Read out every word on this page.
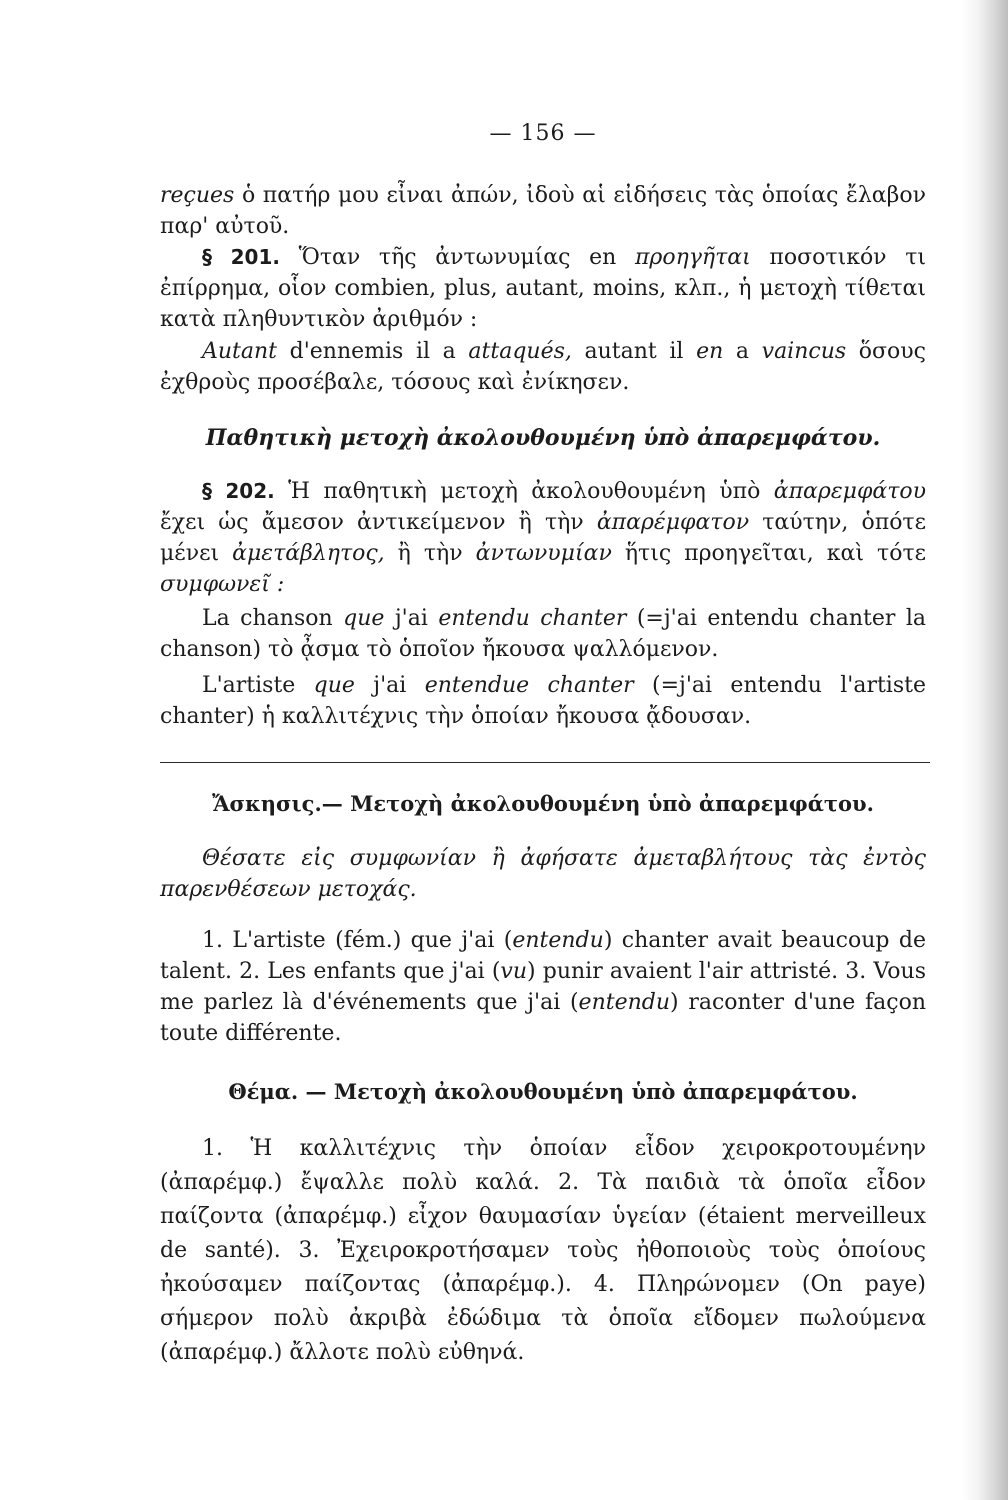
— 156 —

reçues ὁ πατήρ μου εἶναι ἀπών, ἰδοὺ αἱ εἰδήσεις τὰς ὁποίας ἔλαβον παρ' αὐτοῦ.

§ 201. Ὅταν τῆς ἀντωνυμίας en προηγῆται ποσοτικόν τι ἐπίρρημα, οἷον combien, plus, autant, moins, κλπ., ἡ μετοχὴ τίθεται κατὰ πληθυντικὸν ἀριθμόν :

Autant d'ennemis il a attaqués, autant il en a vaincus ὅσους ἐχθροὺς προσέβαλε, τόσους καὶ ἐνίκησεν.

Παθητικὴ μετοχὴ ἀκολουθουμένη ὑπὸ ἀπαρεμφάτου.

§ 202. Ἡ παθητικὴ μετοχὴ ἀκολουθουμένη ὑπὸ ἀπαρεμφάτου ἔχει ὡς ἄμεσον ἀντικείμενον ἢ τὴν ἀπαρέμφατον ταύτην, ὁπότε μένει ἀμετάβλητος, ἢ τὴν ἀντωνυμίαν ἥτις προηγεῖται, καὶ τότε συμφωνεῖ :

La chanson que j'ai entendu chanter (=j'ai entendu chanter la chanson) τὸ ᾆσμα τὸ ὁποῖον ἤκουσα ψαλλόμενον.

L'artiste que j'ai entendue chanter (=j'ai entendu l'artiste chanter) ἡ καλλιτέχνις τὴν ὁποίαν ἤκουσα ᾄδουσαν.

Ἄσκησις.— Μετοχὴ ἀκολουθουμένη ὑπὸ ἀπαρεμφάτου.

Θέσατε εἰς συμφωνίαν ἢ ἀφήσατε ἀμεταβλήτους τὰς ἐντὸς παρενθέσεων μετοχάς.

1. L'artiste (fém.) que j'ai (entendu) chanter avait beaucoup de talent. 2. Les enfants que j'ai (vu) punir avaient l'air attristé. 3. Vous me parlez là d'événements que j'ai (entendu) raconter d'une façon toute différente.

Θέμα. — Μετοχὴ ἀκολουθουμένη ὑπὸ ἀπαρεμφάτου.

1. Ἡ καλλιτέχνις τὴν ὁποίαν εἶδον χειροκροτουμένην (ἀπαρέμφ.) ἔψαλλε πολὺ καλά. 2. Τὰ παιδιὰ τὰ ὁποῖα εἶδον παίζοντα (ἀπαρέμφ.) εἶχον θαυμασίαν ὑγείαν (étaient merveilleux de santé). 3. Ἐχειροκροτήσαμεν τοὺς ἠθοποιοὺς τοὺς ὁποίους ἠκούσαμεν παίζοντας (ἀπαρέμφ.). 4. Πληρώνομεν (On paye) σήμερον πολὺ ἀκριβὰ ἐδώδιμα τὰ ὁποῖα εἴδομεν πωλούμενα (ἀπαρέμφ.) ἄλλοτε πολὺ εὐθηνά.
